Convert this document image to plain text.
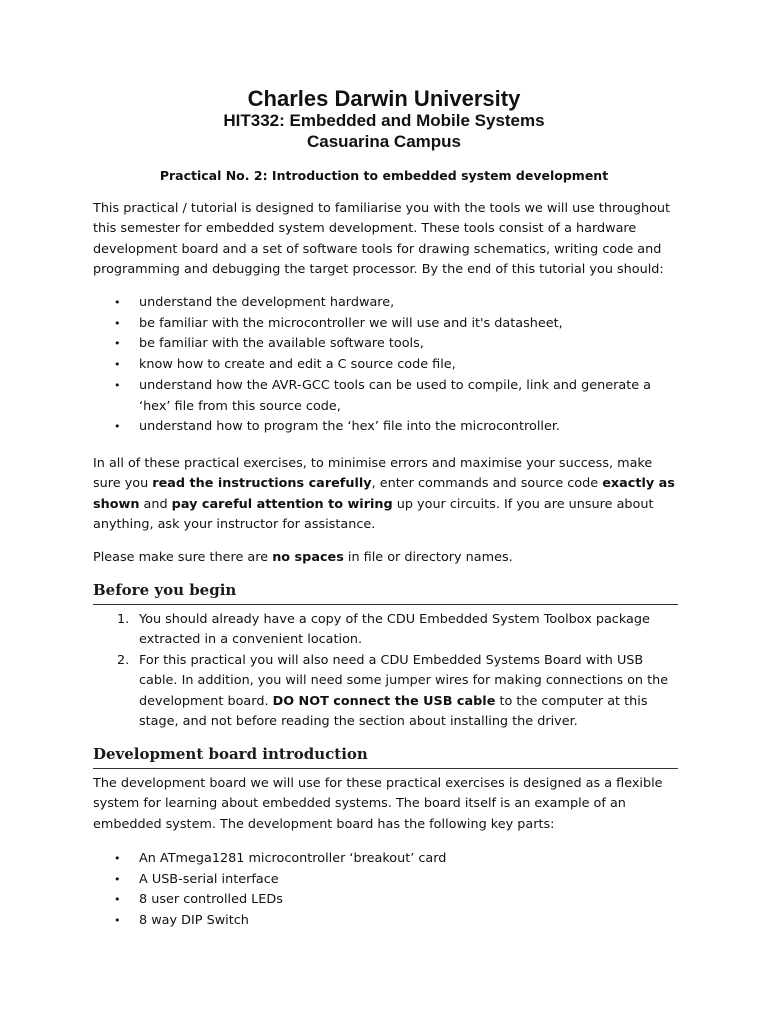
Charles Darwin University
HIT332: Embedded and Mobile Systems
Casuarina Campus
Practical No. 2: Introduction to embedded system development
This practical / tutorial is designed to familiarise you with the tools we will use throughout this semester for embedded system development. These tools consist of a hardware development board and a set of software tools for drawing schematics, writing code and programming and debugging the target processor. By the end of this tutorial you should:
• understand the development hardware,
• be familiar with the microcontroller we will use and it's datasheet,
• be familiar with the available software tools,
• know how to create and edit a C source code file,
• understand how the AVR-GCC tools can be used to compile, link and generate a ‘hex’ file from this source code,
• understand how to program the ‘hex’ file into the microcontroller.
In all of these practical exercises, to minimise errors and maximise your success, make sure you read the instructions carefully, enter commands and source code exactly as shown and pay careful attention to wiring up your circuits. If you are unsure about anything, ask your instructor for assistance.
Please make sure there are no spaces in file or directory names.
Before you begin
1. You should already have a copy of the CDU Embedded System Toolbox package extracted in a convenient location.
2. For this practical you will also need a CDU Embedded Systems Board with USB cable. In addition, you will need some jumper wires for making connections on the development board. DO NOT connect the USB cable to the computer at this stage, and not before reading the section about installing the driver.
Development board introduction
The development board we will use for these practical exercises is designed as a flexible system for learning about embedded systems. The board itself is an example of an embedded system. The development board has the following key parts:
• An ATmega1281 microcontroller ‘breakout’ card
• A USB-serial interface
• 8 user controlled LEDs
• 8 way DIP Switch
